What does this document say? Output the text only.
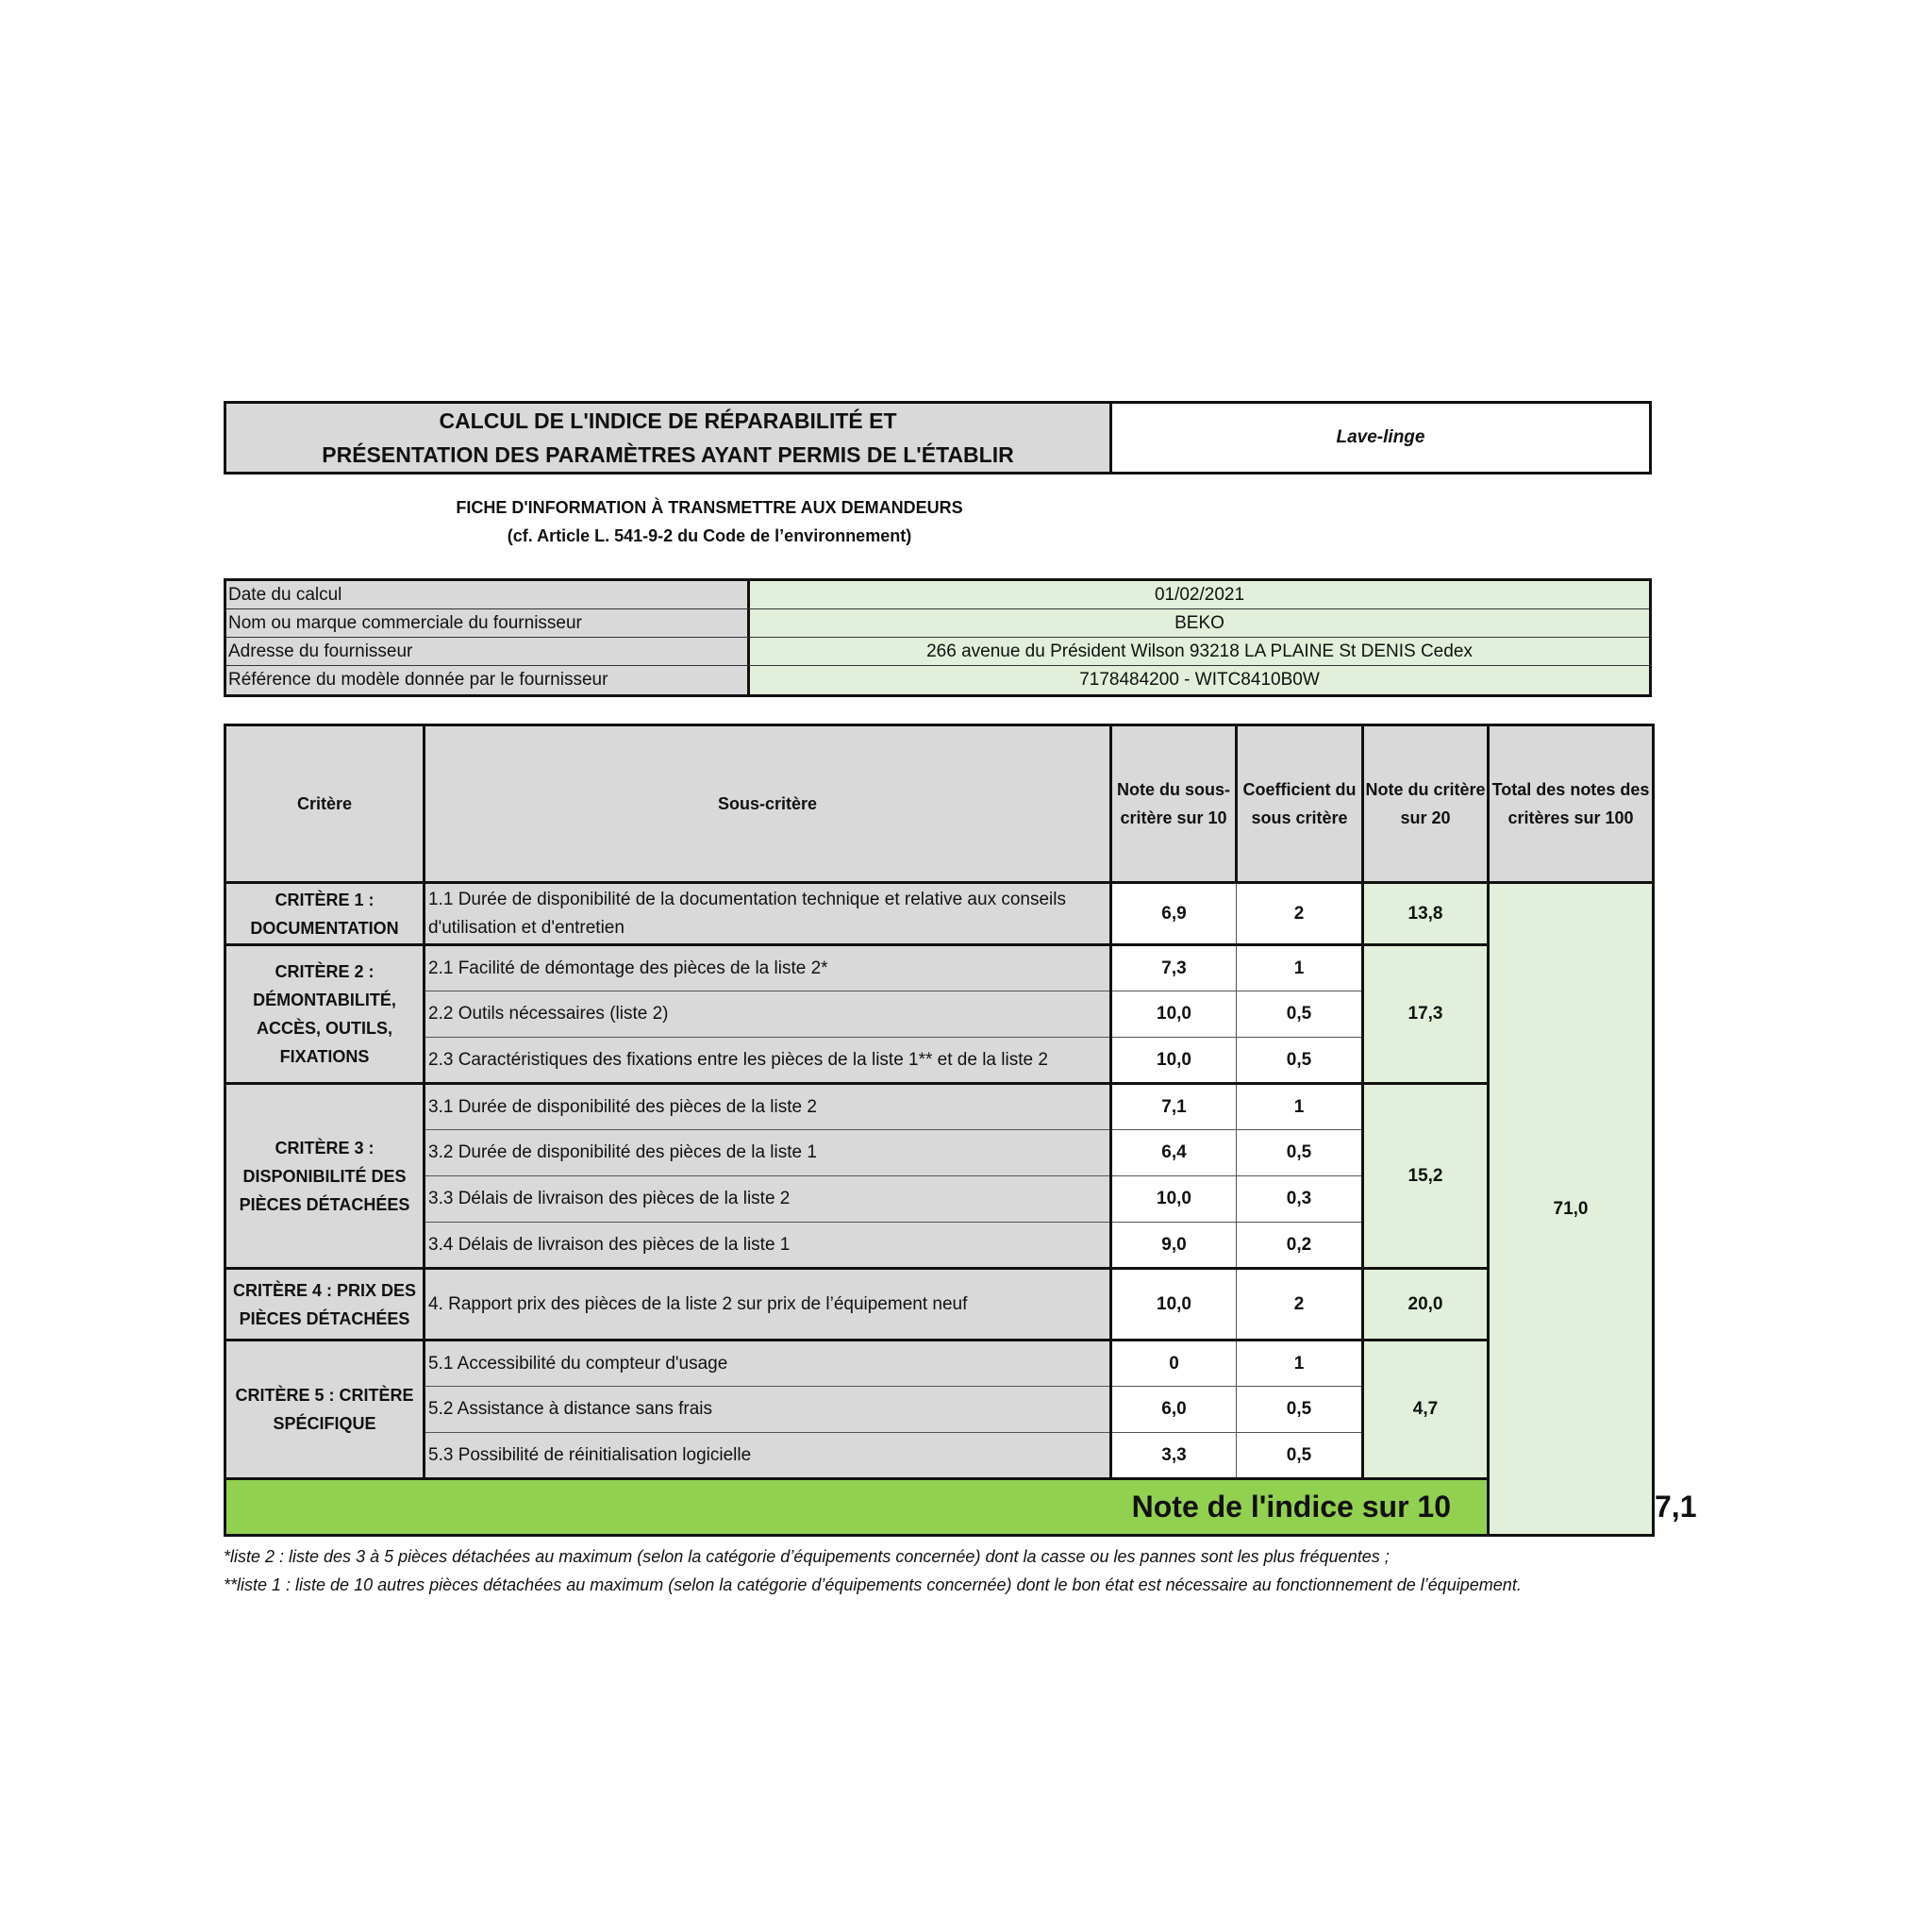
CALCUL DE L'INDICE DE RÉPARABILITÉ ET
PRÉSENTATION DES PARAMÈTRES AYANT PERMIS DE L'ÉTABLIR
Lave-linge
FICHE D'INFORMATION À TRANSMETTRE AUX DEMANDEURS
(cf. Article L. 541-9-2 du Code de l’environnement)
Date du calcul	01/02/2021
Nom ou marque commerciale du fournisseur	BEKO
Adresse du fournisseur	266 avenue du Président Wilson 93218 LA PLAINE St DENIS Cedex
Référence du modèle donnée par le fournisseur	7178484200 - WITC8410B0W
Critère	Sous-critère	Note du sous-critère sur 10	Coefficient du sous critère	Note du critère sur 20	Total des notes des critères sur 100	
CRITÈRE 1 : DOCUMENTATION	1.1 Durée de disponibilité de la documentation technique et relative aux conseils d'utilisation et d'entretien	6,9	2	13,8	71,0	
CRITÈRE 2 : DÉMONTABILITÉ, ACCÈS, OUTILS, FIXATIONS	2.1 Facilité de démontage des pièces de la liste 2*	7,3	1	17,3		
	2.2 Outils nécessaires (liste 2)	10,0	0,5			
	2.3 Caractéristiques des fixations entre les pièces de la liste 1** et de la liste 2	10,0	0,5			
CRITÈRE 3 : DISPONIBILITÉ DES PIÈCES DÉTACHÉES	3.1 Durée de disponibilité des pièces de la liste 2	7,1	1	15,2		
	3.2 Durée de disponibilité des pièces de la liste 1	6,4	0,5			
	3.3 Délais de livraison des pièces de la liste 2	10,0	0,3			
	3.4 Délais de livraison des pièces de la liste 1	9,0	0,2			
CRITÈRE 4 : PRIX DES PIÈCES DÉTACHÉES	4. Rapport prix des pièces de la liste 2 sur prix de l’équipement neuf	10,0	2	20,0		
CRITÈRE 5 : CRITÈRE SPÉCIFIQUE	5.1 Accessibilité du compteur d'usage	0	1	4,7		
	5.2 Assistance à distance sans frais	6,0	0,5			
	5.3 Possibilité de réinitialisation logicielle	3,3	0,5			
Note de l'indice sur 10						7,1
*liste 2 : liste des 3 à 5 pièces détachées au maximum (selon la catégorie d’équipements concernée) dont la casse ou les pannes sont les plus fréquentes ;
**liste 1 : liste de 10 autres pièces détachées au maximum (selon la catégorie d’équipements concernée) dont le bon état est nécessaire au fonctionnement de l’équipement.
